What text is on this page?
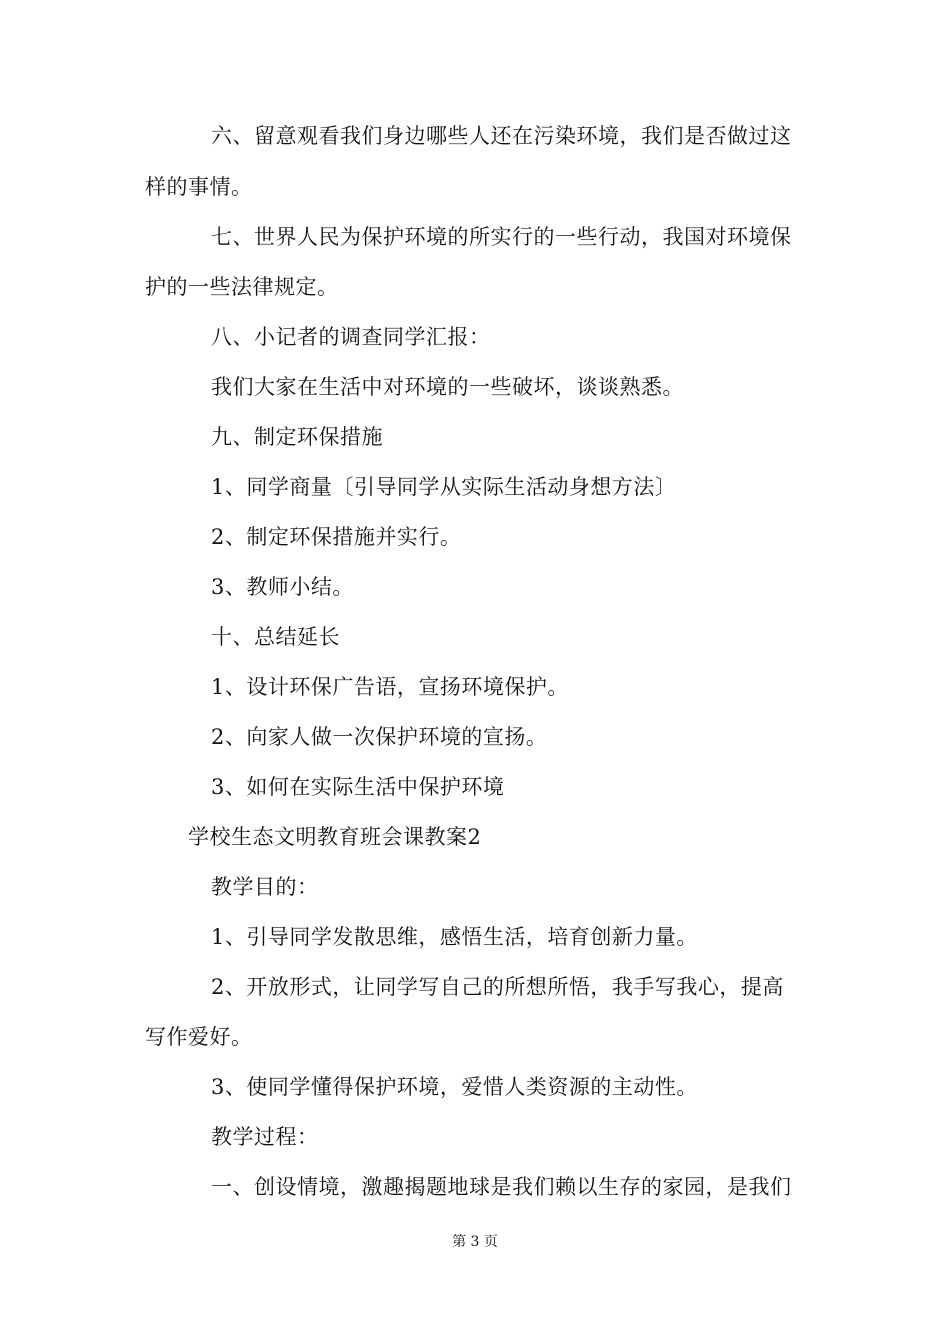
六、留意观看我们身边哪些人还在污染环境，我们是否做过这
样的事情。
七、世界人民为保护环境的所实行的一些行动，我国对环境保
护的一些法律规定。
八、小记者的调查同学汇报：
我们大家在生活中对环境的一些破坏，谈谈熟悉。
九、制定环保措施
1、同学商量〔引导同学从实际生活动身想方法〕
2、制定环保措施并实行。
3、教师小结。
十、总结延长
1、设计环保广告语，宣扬环境保护。
2、向家人做一次保护环境的宣扬。
3、如何在实际生活中保护环境
学校生态文明教育班会课教案2
教学目的：
1、引导同学发散思维，感悟生活，培育创新力量。
2、开放形式，让同学写自己的所想所悟，我手写我心，提高
写作爱好。
3、使同学懂得保护环境，爱惜人类资源的主动性。
教学过程：
一、创设情境，激趣揭题地球是我们赖以生存的家园，是我们
第 3 页
